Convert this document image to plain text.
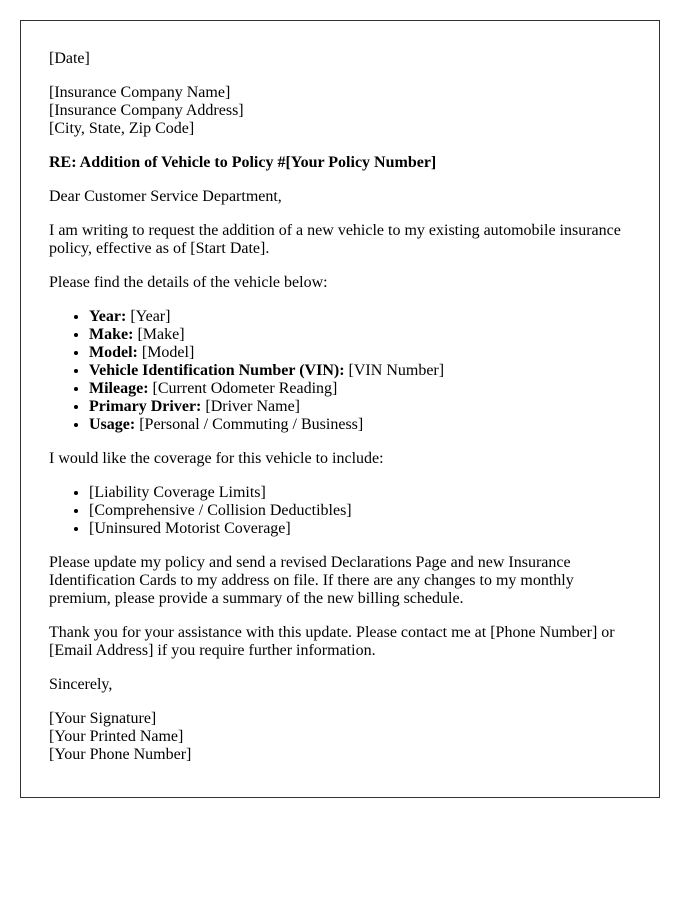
[Date]

[Insurance Company Name]
[Insurance Company Address]
[City, State, Zip Code]

RE: Addition of Vehicle to Policy #[Your Policy Number]

Dear Customer Service Department,

I am writing to request the addition of a new vehicle to my existing automobile insurance policy, effective as of [Start Date].

Please find the details of the vehicle below:

• Year: [Year]
• Make: [Make]
• Model: [Model]
• Vehicle Identification Number (VIN): [VIN Number]
• Mileage: [Current Odometer Reading]
• Primary Driver: [Driver Name]
• Usage: [Personal / Commuting / Business]

I would like the coverage for this vehicle to include:

• [Liability Coverage Limits]
• [Comprehensive / Collision Deductibles]
• [Uninsured Motorist Coverage]

Please update my policy and send a revised Declarations Page and new Insurance Identification Cards to my address on file. If there are any changes to my monthly premium, please provide a summary of the new billing schedule.

Thank you for your assistance with this update. Please contact me at [Phone Number] or [Email Address] if you require further information.

Sincerely,

[Your Signature]
[Your Printed Name]
[Your Phone Number]
